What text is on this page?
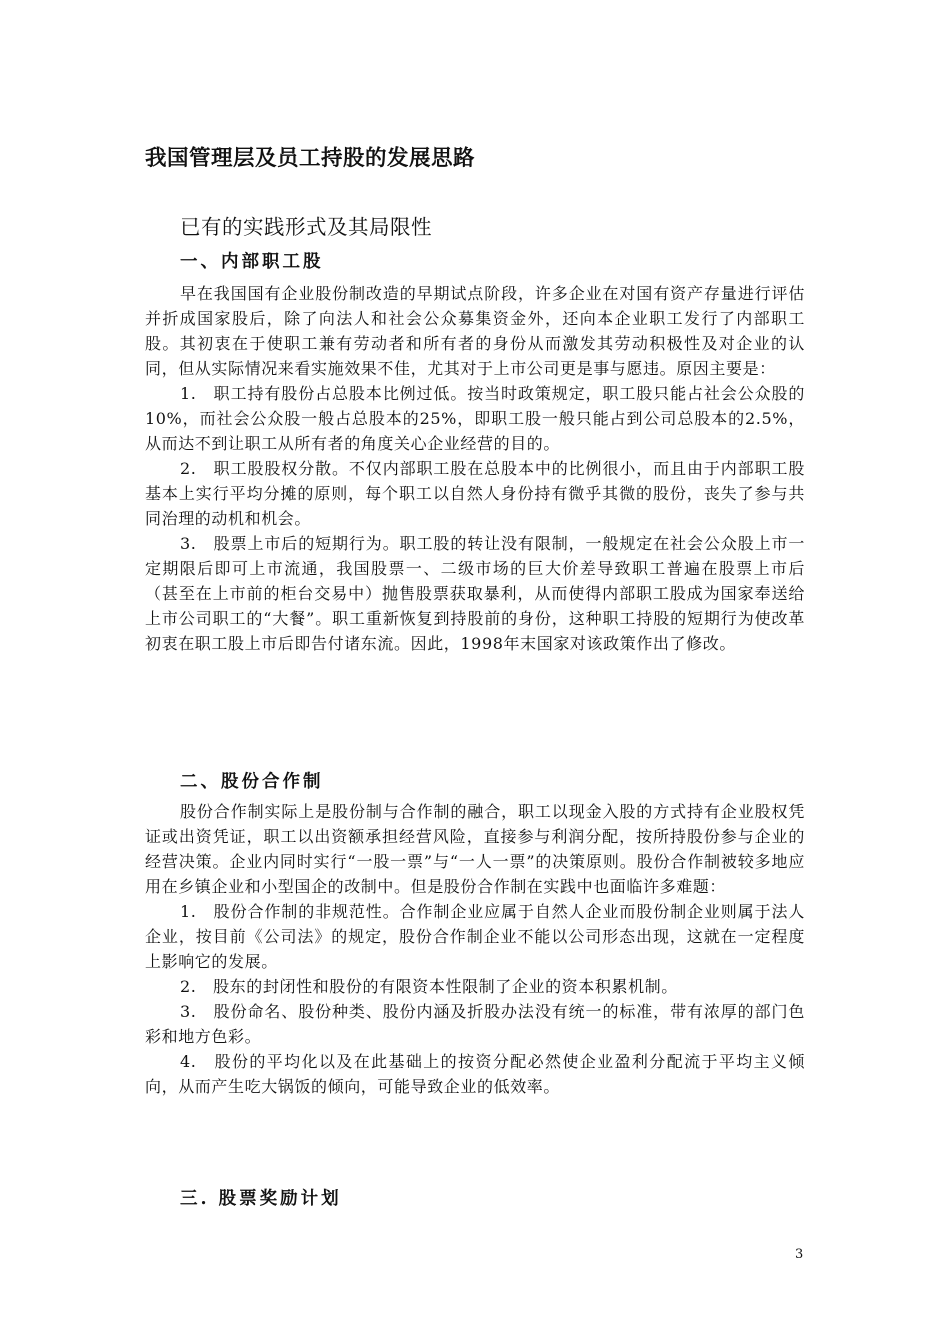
我国管理层及员工持股的发展思路
已有的实践形式及其局限性
一、内部职工股

早在我国国有企业股份制改造的早期试点阶段，许多企业在对国有资产存量进行评估并折成国家股后，除了向法人和社会公众募集资金外，还向本企业职工发行了内部职工股。其初衷在于使职工兼有劳动者和所有者的身份从而激发其劳动积极性及对企业的认同，但从实际情况来看实施效果不佳，尤其对于上市公司更是事与愿违。原因主要是：

1.　职工持有股份占总股本比例过低。按当时政策规定，职工股只能占社会公众股的10%，而社会公众股一般占总股本的25%，即职工股一般只能占到公司总股本的2.5%，从而达不到让职工从所有者的角度关心企业经营的目的。

2.　职工股股权分散。不仅内部职工股在总股本中的比例很小，而且由于内部职工股基本上实行平均分摊的原则，每个职工以自然人身份持有微乎其微的股份，丧失了参与共同治理的动机和机会。

3.　股票上市后的短期行为。职工股的转让没有限制，一般规定在社会公众股上市一定期限后即可上市流通，我国股票一、二级市场的巨大价差导致职工普遍在股票上市后（甚至在上市前的柜台交易中）抛售股票获取暴利，从而使得内部职工股成为国家奉送给上市公司职工的“大餐”。职工重新恢复到持股前的身份，这种职工持股的短期行为使改革初衷在职工股上市后即告付诸东流。因此，1998年末国家对该政策作出了修改。

二、股份合作制

股份合作制实际上是股份制与合作制的融合，职工以现金入股的方式持有企业股权凭证或出资凭证，职工以出资额承担经营风险，直接参与利润分配，按所持股份参与企业的经营决策。企业内同时实行“一股一票”与“一人一票”的决策原则。股份合作制被较多地应用在乡镇企业和小型国企的改制中。但是股份合作制在实践中也面临许多难题：

1.　股份合作制的非规范性。合作制企业应属于自然人企业而股份制企业则属于法人企业，按目前《公司法》的规定，股份合作制企业不能以公司形态出现，这就在一定程度上影响它的发展。

2.　股东的封闭性和股份的有限资本性限制了企业的资本积累机制。

3.　股份命名、股份种类、股份内涵及折股办法没有统一的标准，带有浓厚的部门色彩和地方色彩。

4.　股份的平均化以及在此基础上的按资分配必然使企业盈利分配流于平均主义倾向，从而产生吃大锅饭的倾向，可能导致企业的低效率。

三. 股票奖励计划
3
